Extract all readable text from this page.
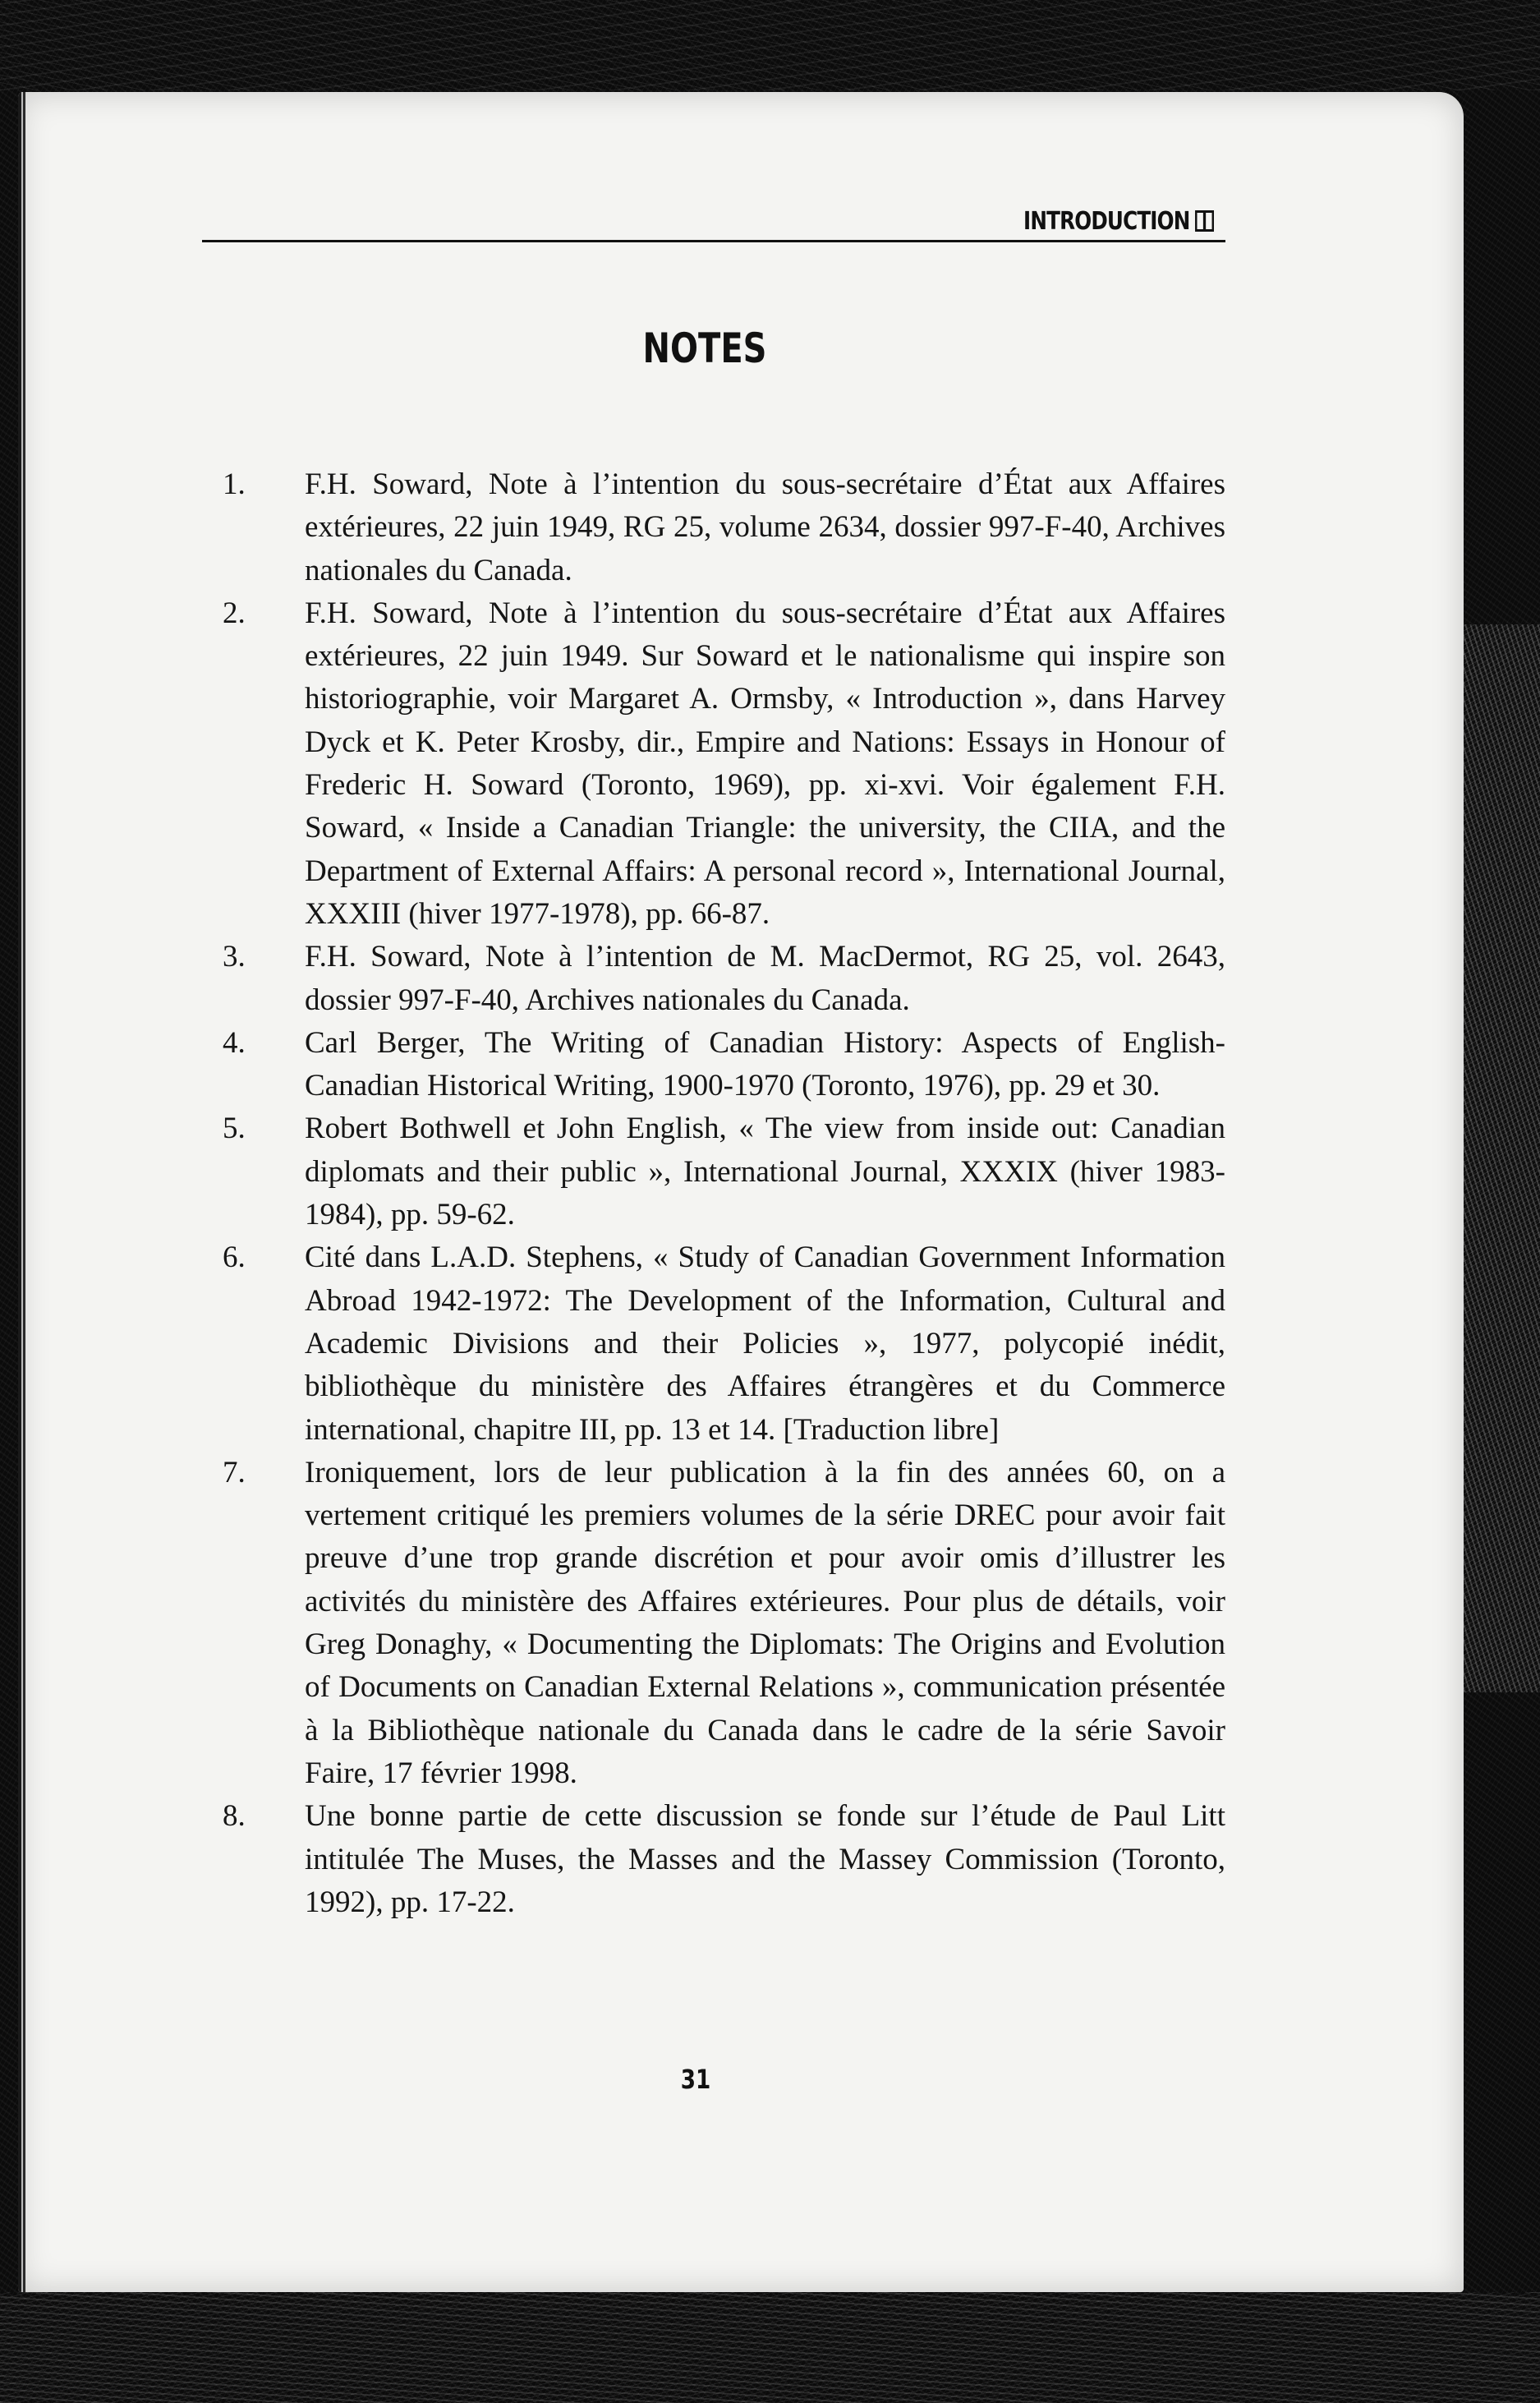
INTRODUCTION
NOTES
1.	F.H. Soward, Note à l’intention du sous-secrétaire d’État aux Affaires extérieures, 22 juin 1949, RG 25, volume 2634, dossier 997-F-40, Archives nationales du Canada.
2.	F.H. Soward, Note à l’intention du sous-secrétaire d’État aux Affaires extérieures, 22 juin 1949. Sur Soward et le nationalisme qui inspire son historiographie, voir Margaret A. Ormsby, « Introduction », dans Harvey Dyck et K. Peter Krosby, dir., Empire and Nations: Essays in Honour of Frederic H. Soward (Toronto, 1969), pp. xi-xvi. Voir également F.H. Soward, « Inside a Canadian Triangle: the university, the CIIA, and the Department of External Affairs: A personal record », International Journal, XXXIII (hiver 1977-1978), pp. 66-87.
3.	F.H. Soward, Note à l’intention de M. MacDermot, RG 25, vol. 2643, dossier 997-F-40, Archives nationales du Canada.
4.	Carl Berger, The Writing of Canadian History: Aspects of English-Canadian Historical Writing, 1900-1970 (Toronto, 1976), pp. 29 et 30.
5.	Robert Bothwell et John English, « The view from inside out: Canadian diplomats and their public », International Journal, XXXIX (hiver 1983-1984), pp. 59-62.
6.	Cité dans L.A.D. Stephens, « Study of Canadian Government Information Abroad 1942-1972: The Development of the Information, Cultural and Academic Divisions and their Policies », 1977, polycopié inédit, bibliothèque du ministère des Affaires étrangères et du Commerce international, chapitre III, pp. 13 et 14. [Traduction libre]
7.	Ironiquement, lors de leur publication à la fin des années 60, on a vertement critiqué les premiers volumes de la série DREC pour avoir fait preuve d’une trop grande discrétion et pour avoir omis d’illustrer les activités du ministère des Affaires extérieures. Pour plus de détails, voir Greg Donaghy, « Documenting the Diplomats: The Origins and Evolution of Documents on Canadian External Relations », communication présentée à la Bibliothèque nationale du Canada dans le cadre de la série Savoir Faire, 17 février 1998.
8.	Une bonne partie de cette discussion se fonde sur l’étude de Paul Litt intitulée The Muses, the Masses and the Massey Commission (Toronto, 1992), pp. 17-22.
31
